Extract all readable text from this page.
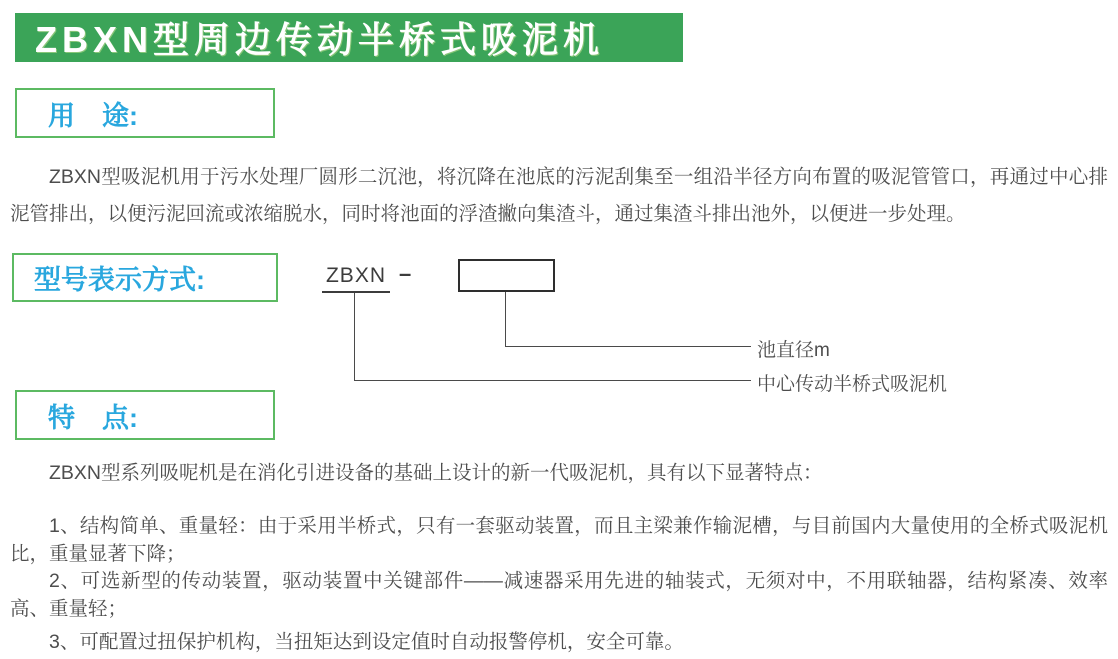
ZBXN型周边传动半桥式吸泥机
用　途:

ZBXN型吸泥机用于污水处理厂圆形二沉池，将沉降在池底的污泥刮集至一组沿半径方向布置的吸泥管管口，再通过中心排泥管排出，以便污泥回流或浓缩脱水，同时将池面的浮渣撇向集渣斗，通过集渣斗排出池外，以便进一步处理。

型号表示方式:	ZBXN –
池直径m
中心传动半桥式吸泥机
特　点:

ZBXN型系列吸呢机是在消化引进设备的基础上设计的新一代吸泥机，具有以下显著特点：

1、结构简单、重量轻：由于采用半桥式，只有一套驱动装置，而且主梁兼作输泥槽，与目前国内大量使用的全桥式吸泥机比，重量显著下降；

2、可选新型的传动装置，驱动装置中关键部件——减速器采用先进的轴装式，无须对中，不用联轴器，结构紧凑、效率高、重量轻；

3、可配置过扭保护机构，当扭矩达到设定值时自动报警停机，安全可靠。
